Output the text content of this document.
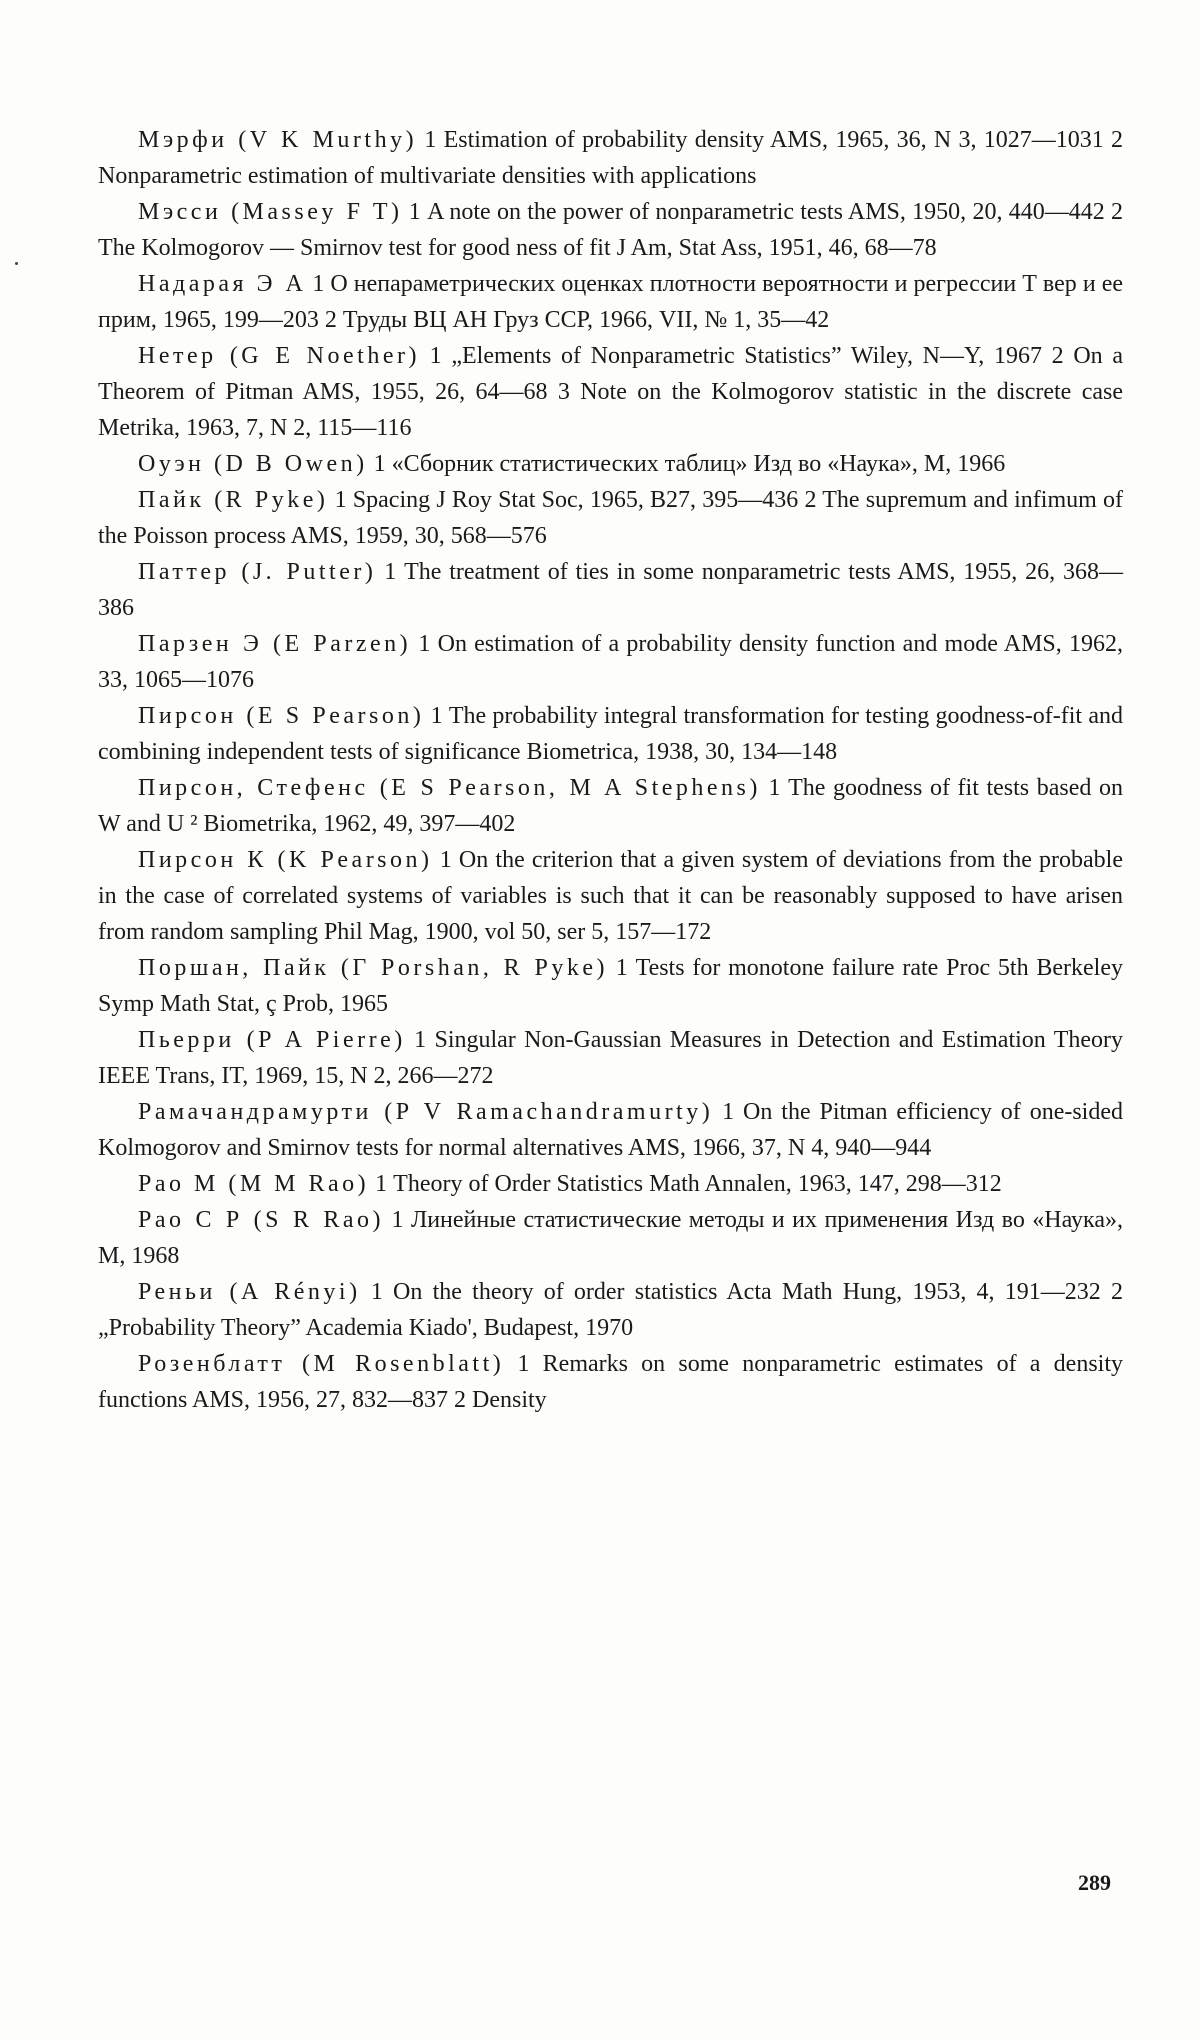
Мэрфи (V K Murthy) 1 Estimation of probability density AMS, 1965, 36, N 3, 1027—1031 2 Nonparametric estimation of multivariate densities with applications

Мэсси (Massey F T) 1 A note on the power of nonparametric tests AMS, 1950, 20, 440—442 2 The Kolmogorov — Smirnov test for good ness of fit J Am, Stat Ass, 1951, 46, 68—78

Надарая Э А 1 О непараметрических оценках плотности вероятности и регрессии Т вер и ее прим, 1965, 199—203 2 Труды ВЦ АН Груз ССР, 1966, VII, № 1, 35—42

Нетер (G E Noether) 1 „Elements of Nonparametric Statistics” Wiley, N—Y, 1967 2 On a Theorem of Pitman AMS, 1955, 26, 64—68 3 Note on the Kolmogorov statistic in the discrete case Metrika, 1963, 7, N 2, 115—116

Оуэн (D B Owen) 1 «Сборник статистических таблиц» Изд во «Наука», М, 1966

Пайк (R Pyke) 1 Spacing J Roy Stat Soc, 1965, B27, 395—436 2 The supremum and infimum of the Poisson process AMS, 1959, 30, 568—576

Паттер (J. Putter) 1 The treatment of ties in some nonparametric tests AMS, 1955, 26, 368—386

Парзен Э (E Parzen) 1 On estimation of a probability density function and mode AMS, 1962, 33, 1065—1076

Пирсон (E S Pearson) 1 The probability integral transformation for testing goodness-of-fit and combining independent tests of significance Biometrica, 1938, 30, 134—148

Пирсон, Стефенс (E S Pearson, M A Stephens) 1 The goodness of fit tests based on W and U ² Biometrika, 1962, 49, 397—402

Пирсон К (K Pearson) 1 On the criterion that a given system of deviations from the probable in the case of correlated systems of variables is such that it can be reasonably supposed to have arisen from random sampling Phil Mag, 1900, vol 50, ser 5, 157—172

Поршан, Пайк (Г Porshan, R Pyke) 1 Tests for monotone failure rate Proc 5th Berkeley Symp Math Stat, ç Prob, 1965

Пьерри (P A Pierre) 1 Singular Non-Gaussian Measures in Detection and Estimation Theory IEEE Trans, IT, 1969, 15, N 2, 266—272

Рамачандрамурти (P V Ramachandramurty) 1 On the Pitman efficiency of one-sided Kolmogorov and Smirnov tests for normal alternatives AMS, 1966, 37, N 4, 940—944

Рао М (M M Rao) 1 Theory of Order Statistics Math Annalen, 1963, 147, 298—312

Рао С Р (S R Rao) 1 Линейные статистические методы и их применения Изд во «Наука», М, 1968

Реньи (A Rényi) 1 On the theory of order statistics Acta Math Hung, 1953, 4, 191—232 2 „Probability Theory” Academia Kiado', Budapest, 1970

Розенблатт (M Rosenblatt) 1 Remarks on some nonparametric estimates of a density functions AMS, 1956, 27, 832—837 2 Density

289
